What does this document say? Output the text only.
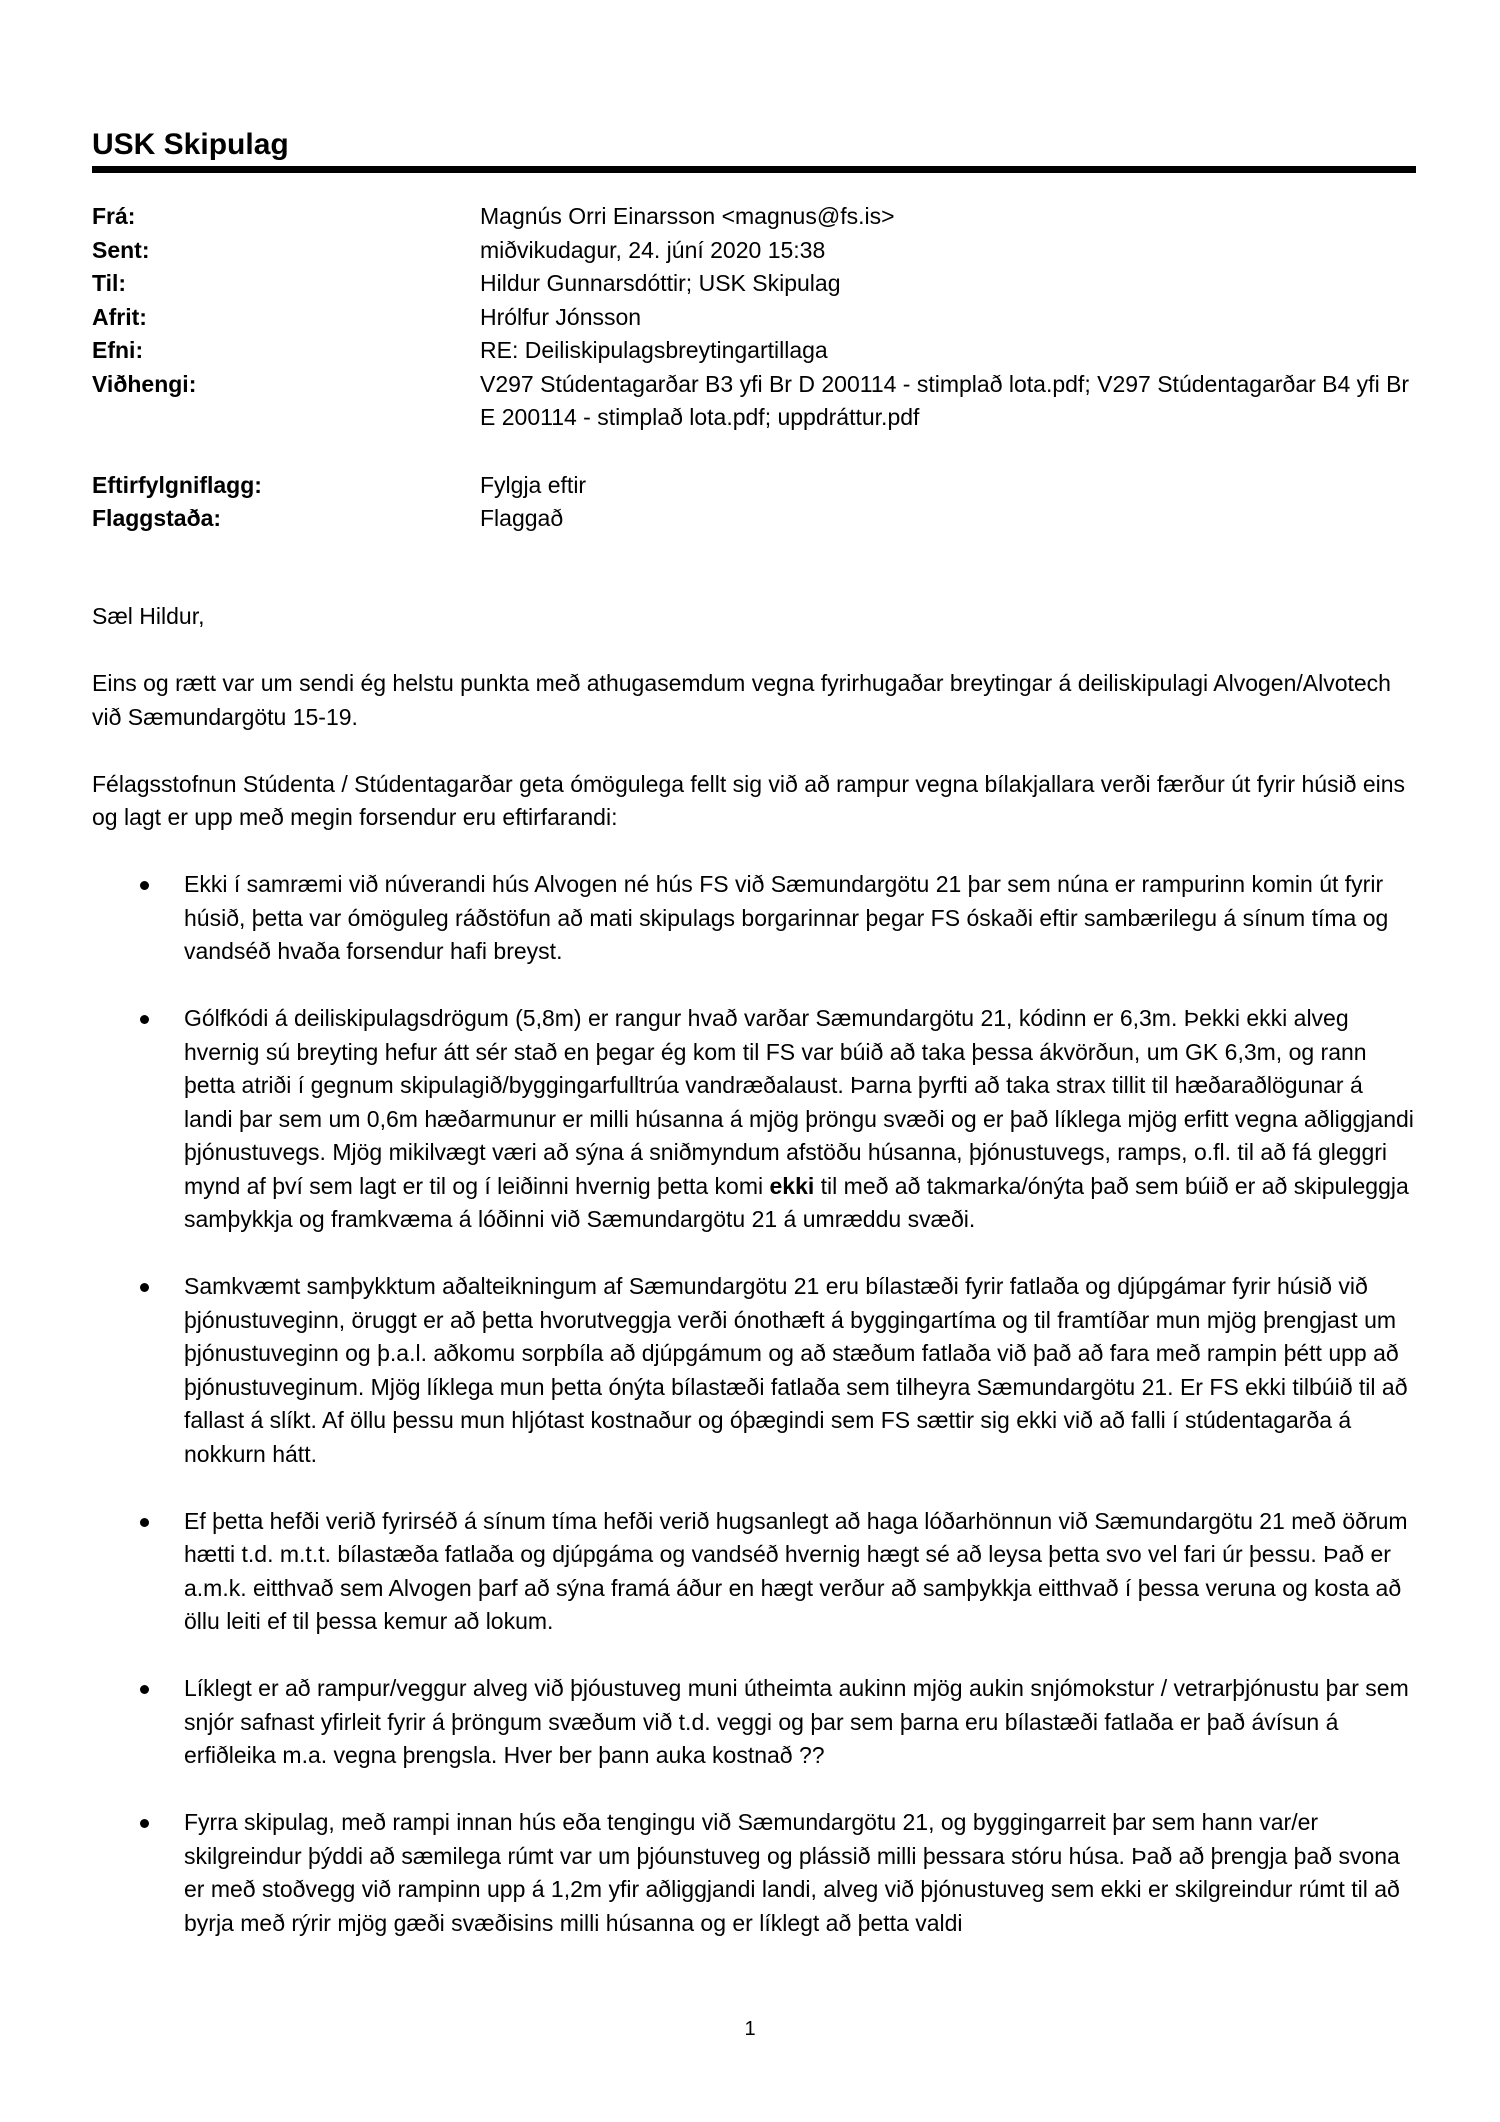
USK Skipulag
Frá:	Magnús Orri Einarsson <magnus@fs.is>
Sent:	miðvikudagur, 24. júní 2020 15:38
Til:	Hildur Gunnarsdóttir; USK Skipulag
Afrit:	Hrólfur Jónsson
Efni:	RE: Deiliskipulagsbreytingartillaga
Viðhengi:	V297 Stúdentagarðar B3 yfi Br D 200114 - stimplað lota.pdf; V297 Stúdentagarðar B4 yfi Br E 200114 - stimplað lota.pdf; uppdráttur.pdf
Eftirfylgniflagg:	Fylgja eftir
Flaggstaða:	Flaggað

Sæl Hildur,

Eins og rætt var um sendi ég helstu punkta með athugasemdum vegna fyrirhugaðar breytingar á deiliskipulagi Alvogen/Alvotech við Sæmundargötu 15-19.

Félagsstofnun Stúdenta / Stúdentagarðar geta ómögulega fellt sig við að rampur vegna bílakjallara verði færður út fyrir húsið eins og lagt er upp með megin forsendur eru eftirfarandi:

Ekki í samræmi við núverandi hús Alvogen né hús FS við Sæmundargötu 21 þar sem núna er rampurinn komin út fyrir húsið, þetta var ómöguleg ráðstöfun að mati skipulags borgarinnar þegar FS óskaði eftir sambærilegu á sínum tíma og vandséð hvaða forsendur hafi breyst.
Gólfkódi á deiliskipulagsdrögum (5,8m) er rangur hvað varðar Sæmundargötu 21, kódinn er 6,3m. Þekki ekki alveg hvernig sú breyting hefur átt sér stað en þegar ég kom til FS var búið að taka þessa ákvörðun, um GK 6,3m, og rann þetta atriði í gegnum skipulagið/byggingarfulltrúa vandræðalaust. Þarna þyrfti að taka strax tillit til hæðaraðlögunar á landi þar sem um 0,6m hæðarmunur er milli húsanna á mjög þröngu svæði og er það líklega mjög erfitt vegna aðliggjandi þjónustuvegs. Mjög mikilvægt væri að sýna á sniðmyndum afstöðu húsanna, þjónustuvegs, ramps, o.fl. til að fá gleggri mynd af því sem lagt er til og í leiðinni hvernig þetta komi ekki til með að takmarka/ónýta það sem búið er að skipuleggja samþykkja og framkvæma á lóðinni við Sæmundargötu 21 á umræddu svæði.
Samkvæmt samþykktum aðalteikningum af Sæmundargötu 21 eru bílastæði fyrir fatlaða og djúpgámar fyrir húsið við þjónustuveginn, öruggt er að þetta hvorutveggja verði ónothæft á byggingartíma og til framtíðar mun mjög þrengjast um þjónustuveginn og þ.a.l. aðkomu sorpbíla að djúpgámum og að stæðum fatlaða við það að fara með rampin þétt upp að þjónustuveginum. Mjög líklega mun þetta ónýta bílastæði fatlaða sem tilheyra Sæmundargötu 21. Er FS ekki tilbúið til að fallast á slíkt. Af öllu þessu mun hljótast kostnaður og óþægindi sem FS sættir sig ekki við að falli í stúdentagarða á nokkurn hátt.
Ef þetta hefði verið fyrirséð á sínum tíma hefði verið hugsanlegt að haga lóðarhönnun við Sæmundargötu 21 með öðrum hætti t.d. m.t.t. bílastæða fatlaða og djúpgáma og vandséð hvernig hægt sé að leysa þetta svo vel fari úr þessu. Það er a.m.k. eitthvað sem Alvogen þarf að sýna framá áður en hægt verður að samþykkja eitthvað í þessa veruna og kosta að öllu leiti ef til þessa kemur að lokum.
Líklegt er að rampur/veggur alveg við þjóustuveg muni útheimta aukinn mjög aukin snjómokstur / vetrarþjónustu þar sem snjór safnast yfirleit fyrir á þröngum svæðum við t.d. veggi og þar sem þarna eru bílastæði fatlaða er það ávísun á erfiðleika m.a. vegna þrengsla. Hver ber þann auka kostnað ??
Fyrra skipulag, með rampi innan hús eða tengingu við Sæmundargötu 21, og byggingarreit þar sem hann var/er skilgreindur þýddi að sæmilega rúmt var um þjóunstuveg og plássið milli þessara stóru húsa. Það að þrengja það svona er með stoðvegg við rampinn upp á 1,2m yfir aðliggjandi landi, alveg við þjónustuveg sem ekki er skilgreindur rúmt til að byrja með rýrir mjög gæði svæðisins milli húsanna og er líklegt að þetta valdi
1
